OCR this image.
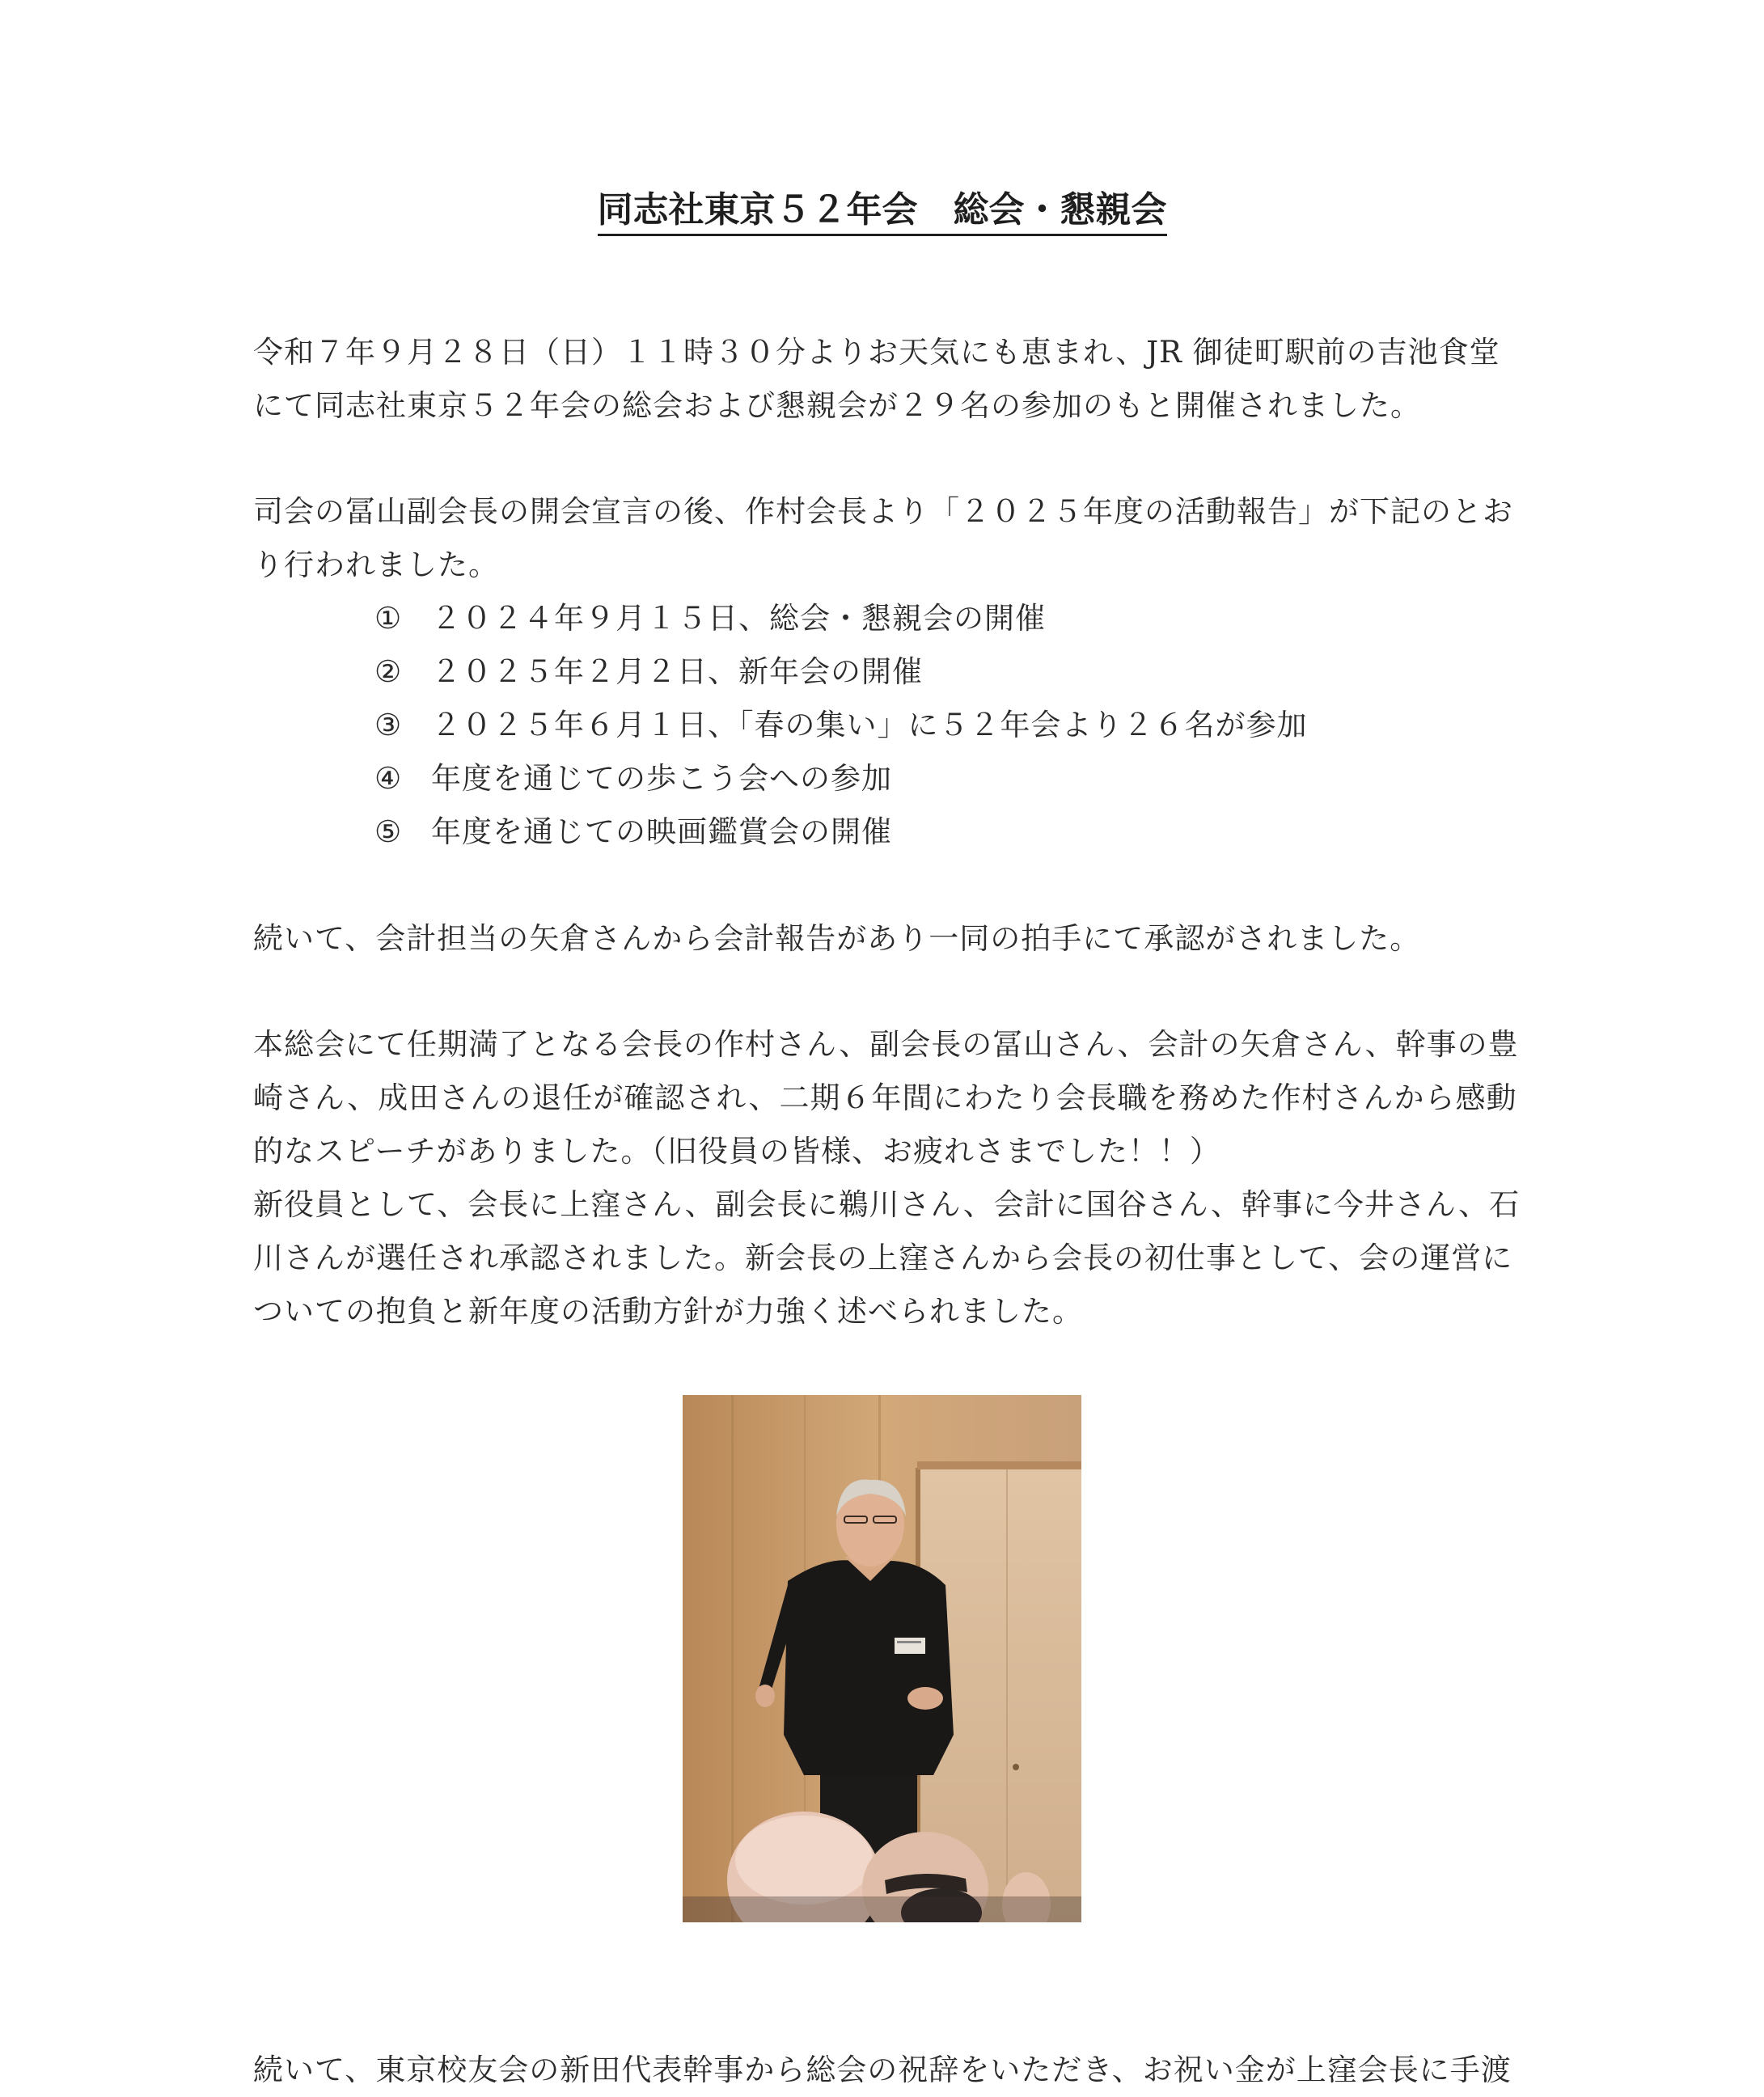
同志社東京５２年会　総会・懇親会

令和７年９月２８日（日）１１時３０分よりお天気にも恵まれ、JR 御徒町駅前の吉池食堂
にて同志社東京５２年会の総会および懇親会が２９名の参加のもと開催されました。

司会の冨山副会長の開会宣言の後、作村会長より「２０２５年度の活動報告」が下記のとお
り行われました。

① ２０２４年９月１５日、総会・懇親会の開催
② ２０２５年２月２日、新年会の開催
③ ２０２５年６月１日、「春の集い」に５２年会より２６名が参加
④ 年度を通じての歩こう会への参加
⑤ 年度を通じての映画鑑賞会の開催

続いて、会計担当の矢倉さんから会計報告があり一同の拍手にて承認がされました。

本総会にて任期満了となる会長の作村さん、副会長の冨山さん、会計の矢倉さん、幹事の豊
崎さん、成田さんの退任が確認され、二期６年間にわたり会長職を務めた作村さんから感動
的なスピーチがありました。（旧役員の皆様、お疲れさまでした！！）
新役員として、会長に上窪さん、副会長に鵜川さん、会計に国谷さん、幹事に今井さん、石
川さんが選任され承認されました。新会長の上窪さんから会長の初仕事として、会の運営に
ついての抱負と新年度の活動方針が力強く述べられました。

続いて、東京校友会の新田代表幹事から総会の祝辞をいただき、お祝い金が上窪会長に手渡
